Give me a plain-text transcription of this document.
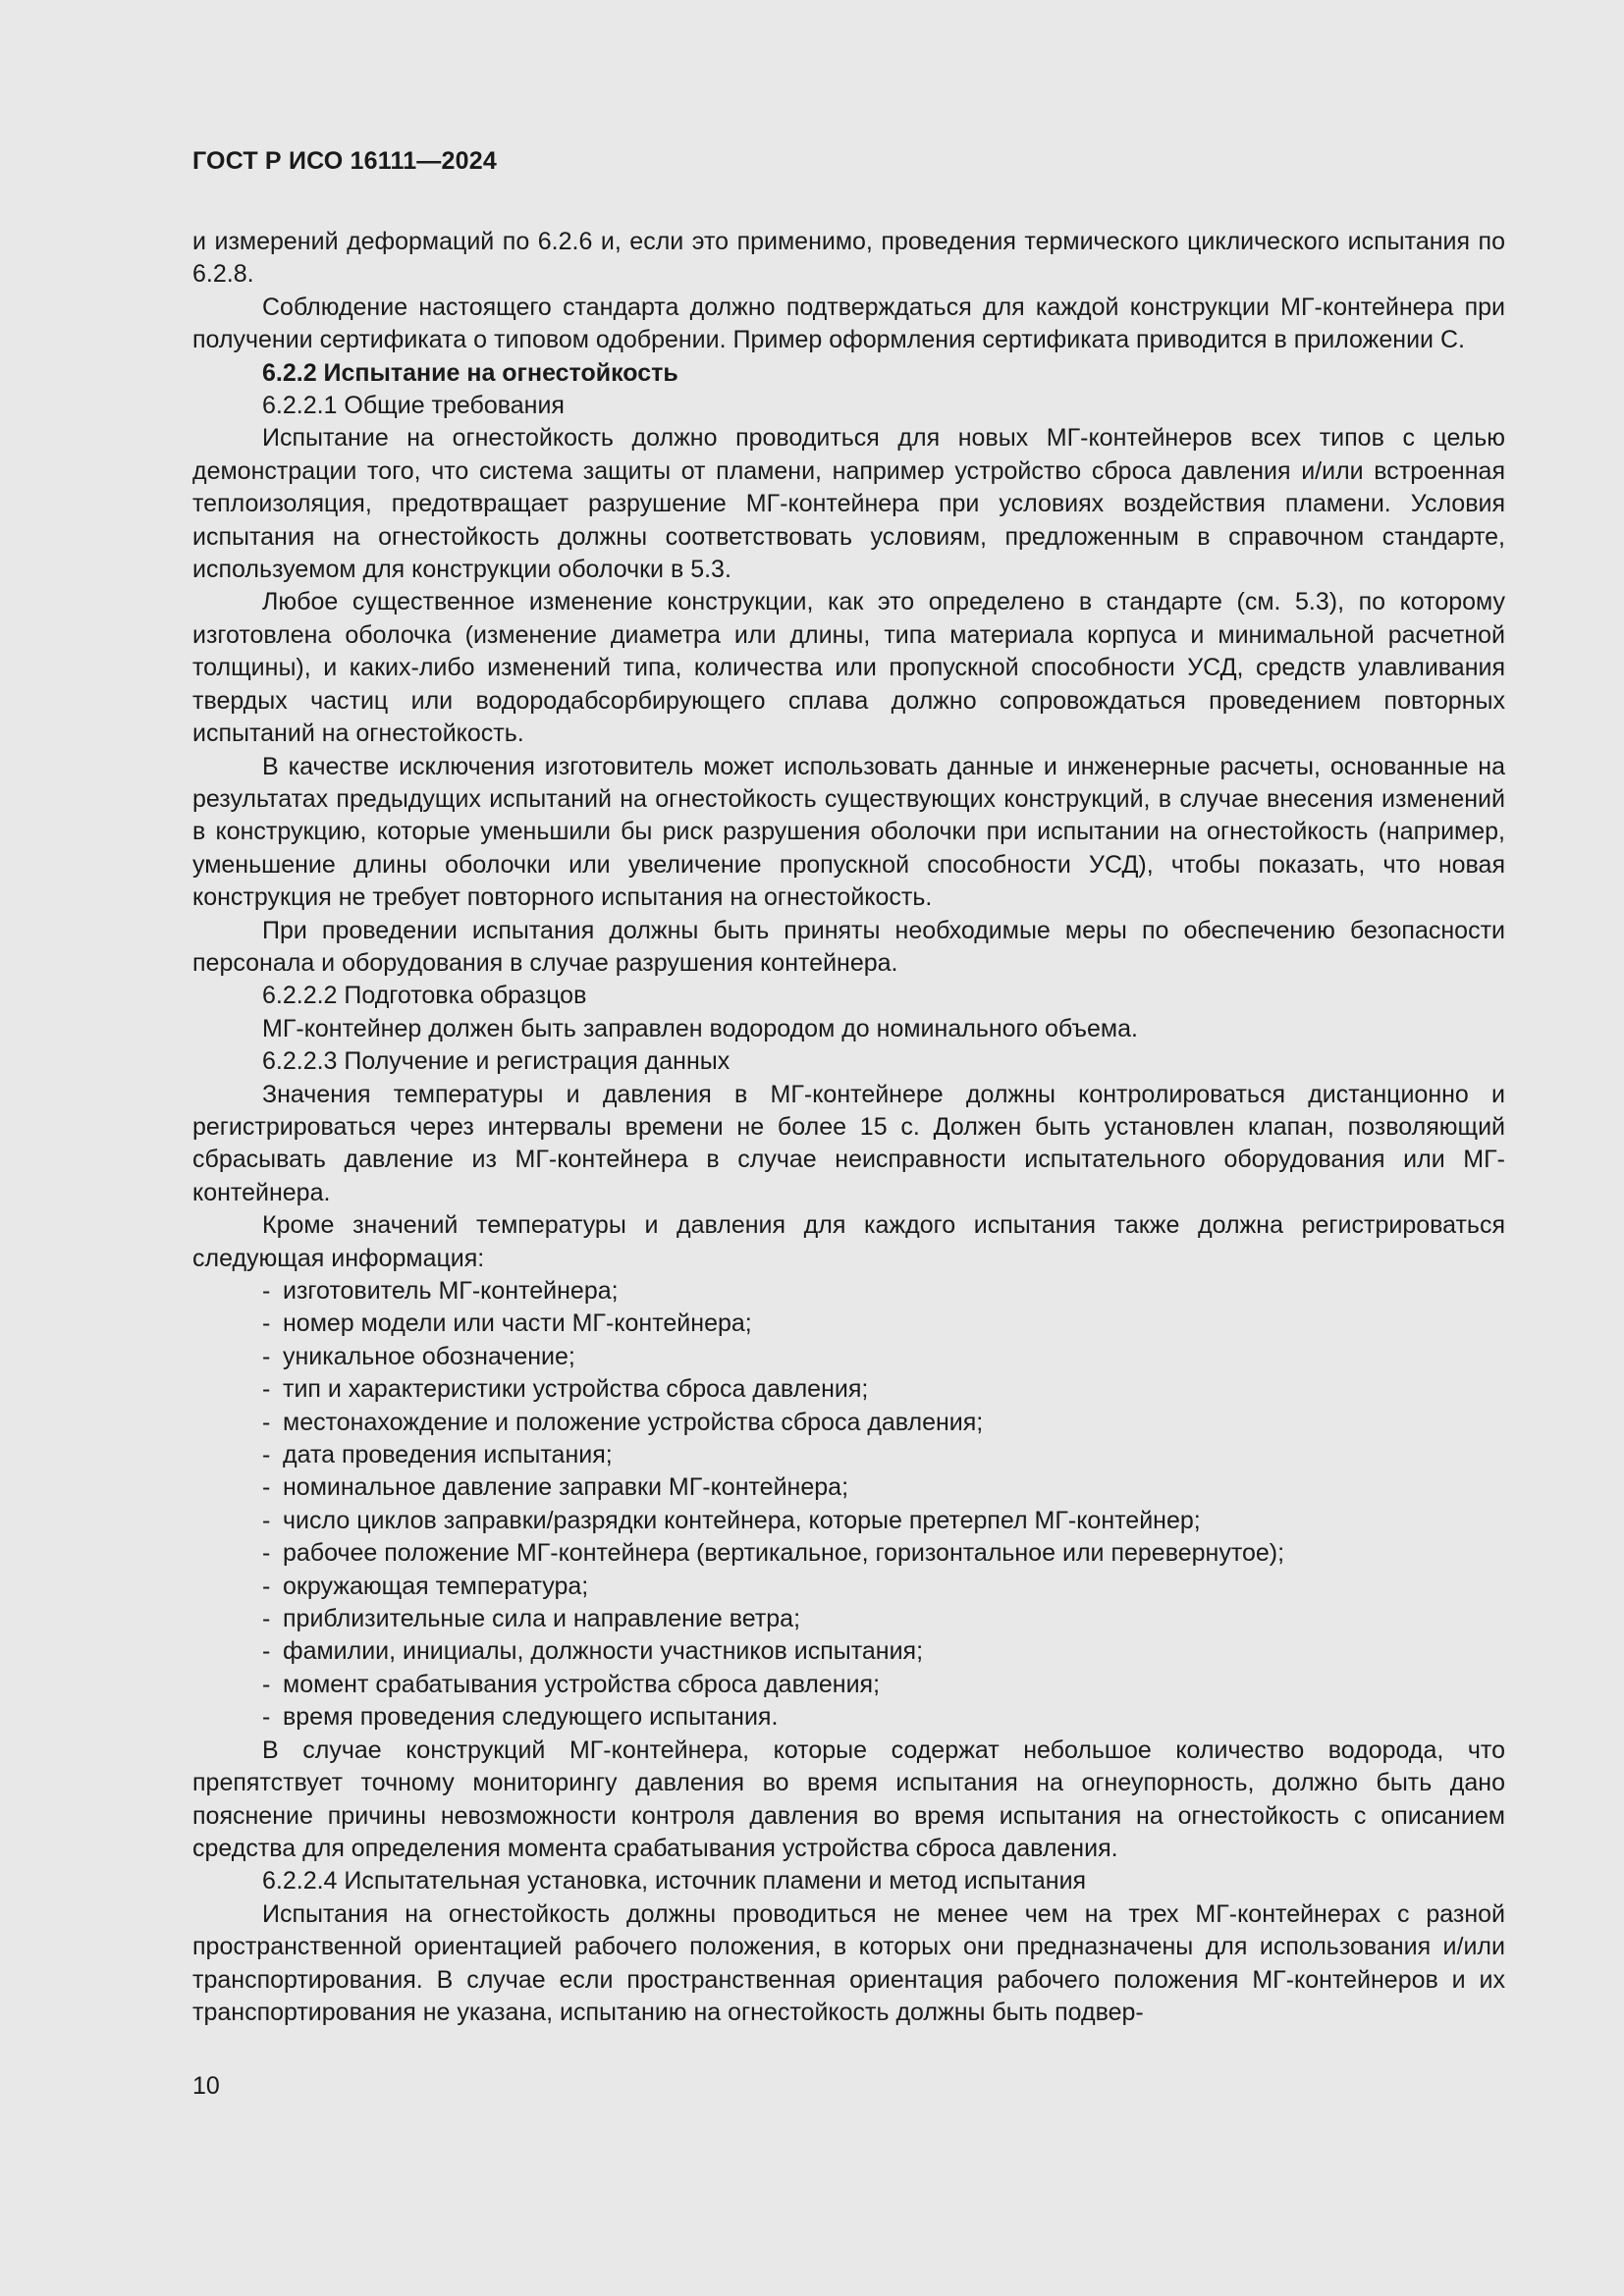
ГОСТ Р ИСО 16111—2024

и измерений деформаций по 6.2.6 и, если это применимо, проведения термического циклического испытания по 6.2.8.

Соблюдение настоящего стандарта должно подтверждаться для каждой конструкции МГ-контейнера при получении сертификата о типовом одобрении. Пример оформления сертификата приводится в приложении С.

6.2.2 Испытание на огнестойкость

6.2.2.1 Общие требования

Испытание на огнестойкость должно проводиться для новых МГ-контейнеров всех типов с целью демонстрации того, что система защиты от пламени, например устройство сброса давления и/или встроенная теплоизоляция, предотвращает разрушение МГ-контейнера при условиях воздействия пламени. Условия испытания на огнестойкость должны соответствовать условиям, предложенным в справочном стандарте, используемом для конструкции оболочки в 5.3.

Любое существенное изменение конструкции, как это определено в стандарте (см. 5.3), по которому изготовлена оболочка (изменение диаметра или длины, типа материала корпуса и минимальной расчетной толщины), и каких-либо изменений типа, количества или пропускной способности УСД, средств улавливания твердых частиц или водородабсорбирующего сплава должно сопровождаться проведением повторных испытаний на огнестойкость.

В качестве исключения изготовитель может использовать данные и инженерные расчеты, основанные на результатах предыдущих испытаний на огнестойкость существующих конструкций, в случае внесения изменений в конструкцию, которые уменьшили бы риск разрушения оболочки при испытании на огнестойкость (например, уменьшение длины оболочки или увеличение пропускной способности УСД), чтобы показать, что новая конструкция не требует повторного испытания на огнестойкость.

При проведении испытания должны быть приняты необходимые меры по обеспечению безопасности персонала и оборудования в случае разрушения контейнера.

6.2.2.2 Подготовка образцов

МГ-контейнер должен быть заправлен водородом до номинального объема.

6.2.2.3 Получение и регистрация данных

Значения температуры и давления в МГ-контейнере должны контролироваться дистанционно и регистрироваться через интервалы времени не более 15 с. Должен быть установлен клапан, позволяющий сбрасывать давление из МГ-контейнера в случае неисправности испытательного оборудования или МГ-контейнера.

Кроме значений температуры и давления для каждого испытания также должна регистрироваться следующая информация:

- изготовитель МГ-контейнера;
- номер модели или части МГ-контейнера;
- уникальное обозначение;
- тип и характеристики устройства сброса давления;
- местонахождение и положение устройства сброса давления;
- дата проведения испытания;
- номинальное давление заправки МГ-контейнера;
- число циклов заправки/разрядки контейнера, которые претерпел МГ-контейнер;
- рабочее положение МГ-контейнера (вертикальное, горизонтальное или перевернутое);
- окружающая температура;
- приблизительные сила и направление ветра;
- фамилии, инициалы, должности участников испытания;
- момент срабатывания устройства сброса давления;
- время проведения следующего испытания.

В случае конструкций МГ-контейнера, которые содержат небольшое количество водорода, что препятствует точному мониторингу давления во время испытания на огнеупорность, должно быть дано пояснение причины невозможности контроля давления во время испытания на огнестойкость с описанием средства для определения момента срабатывания устройства сброса давления.

6.2.2.4 Испытательная установка, источник пламени и метод испытания

Испытания на огнестойкость должны проводиться не менее чем на трех МГ-контейнерах с разной пространственной ориентацией рабочего положения, в которых они предназначены для использования и/или транспортирования. В случае если пространственная ориентация рабочего положения МГ-контейнеров и их транспортирования не указана, испытанию на огнестойкость должны быть подвер-

10
